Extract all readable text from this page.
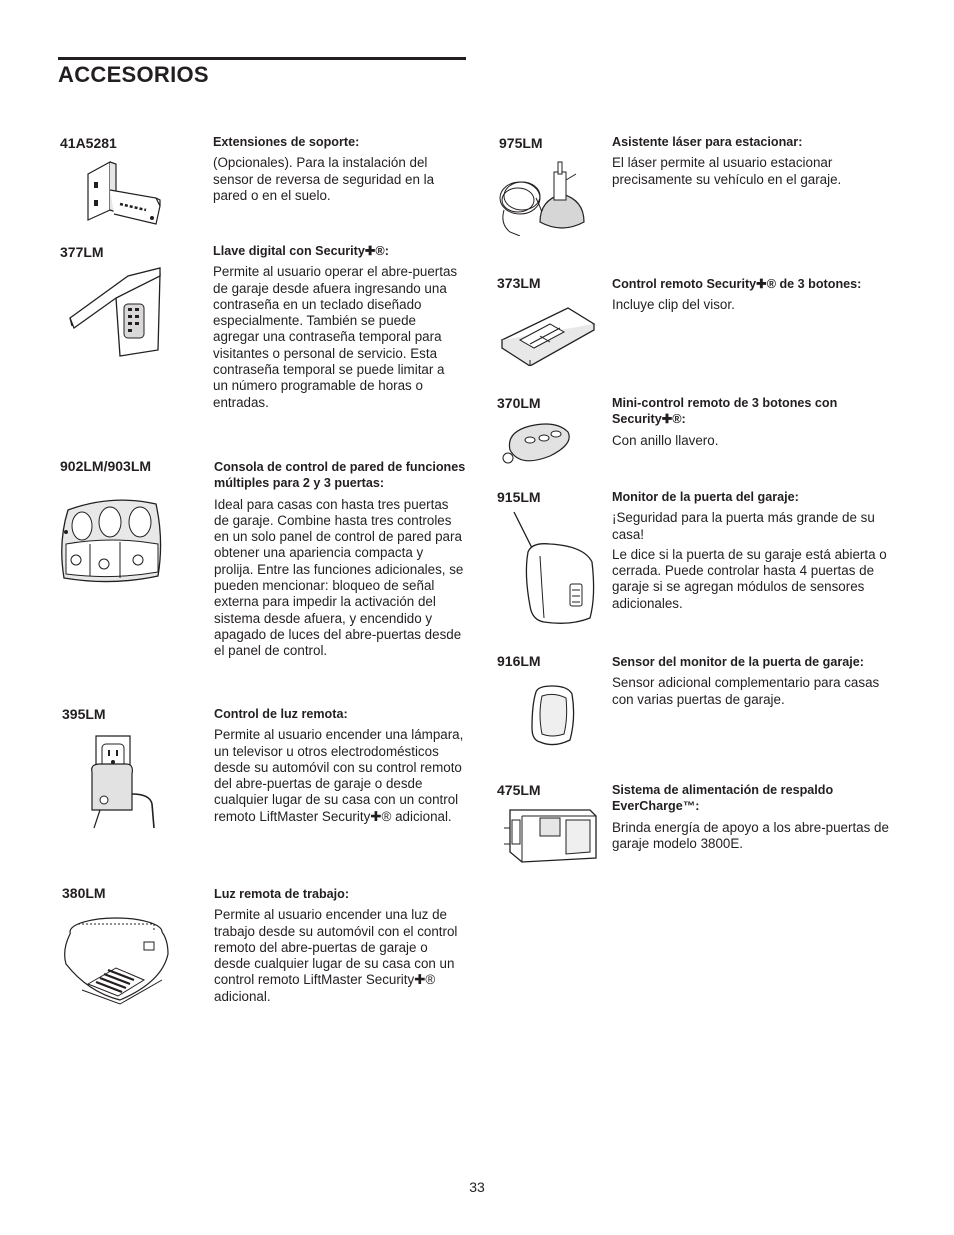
ACCESORIOS
41A5281	Extensiones de soporte:

(Opcionales). Para la instalación del sensor de reversa de seguridad en la pared o en el suelo.

377LM	Llave digital con Security✚®:

Permite al usuario operar el abre-puertas de garaje desde afuera ingresando una contraseña en un teclado diseñado especialmente. También se puede agregar una contraseña temporal para visitantes o personal de servicio. Esta contraseña temporal se puede limitar a un número programable de horas o entradas.

902LM/903LM	Consola de control de pared de funciones múltiples para 2 y 3 puertas:

Ideal para casas con hasta tres puertas de garaje. Combine hasta tres controles en un solo panel de control de pared para obtener una apariencia compacta y prolija. Entre las funciones adicionales, se pueden mencionar: bloqueo de señal externa para impedir la activación del sistema desde afuera, y encendido y apagado de luces del abre-puertas desde el panel de control.

395LM	Control de luz remota:

Permite al usuario encender una lámpara, un televisor u otros electrodomésticos desde su automóvil con su control remoto del abre-puertas de garaje o desde cualquier lugar de su casa con un control remoto LiftMaster Security✚® adicional.

380LM	Luz remota de trabajo:

Permite al usuario encender una luz de trabajo desde su automóvil con el control remoto del abre-puertas de garaje o desde cualquier lugar de su casa con un control remoto LiftMaster Security✚® adicional.

975LM	Asistente láser para estacionar:

El láser permite al usuario estacionar precisamente su vehículo en el garaje.

373LM	Control remoto Security✚® de 3 botones:

Incluye clip del visor.

370LM	Mini-control remoto de 3 botones con Security✚®:

Con anillo llavero.

915LM	Monitor de la puerta del garaje:

¡Seguridad para la puerta más grande de su casa!

Le dice si la puerta de su garaje está abierta o cerrada. Puede controlar hasta 4 puertas de garaje si se agregan módulos de sensores adicionales.

916LM	Sensor del monitor de la puerta de garaje:

Sensor adicional complementario para casas con varias puertas de garaje.

475LM	Sistema de alimentación de respaldo EverCharge™:

Brinda energía de apoyo a los abre-puertas de garaje modelo 3800E.

33
